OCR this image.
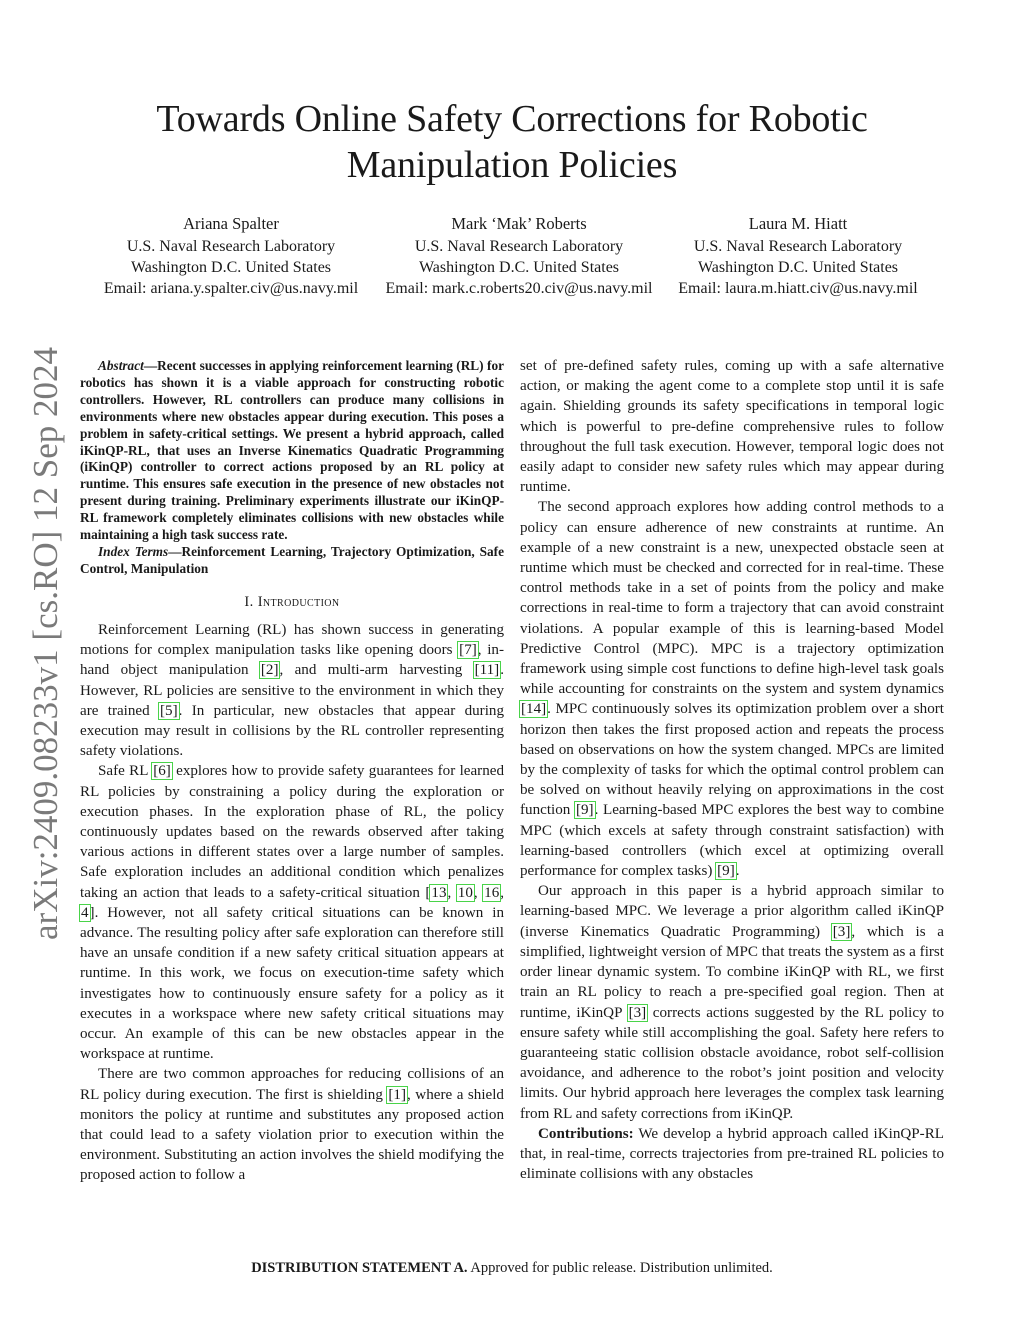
Towards Online Safety Corrections for Robotic Manipulation Policies
Ariana Spalter
U.S. Naval Research Laboratory
Washington D.C. United States
Email: ariana.y.spalter.civ@us.navy.mil
Mark ‘Mak’ Roberts
U.S. Naval Research Laboratory
Washington D.C. United States
Email: mark.c.roberts20.civ@us.navy.mil
Laura M. Hiatt
U.S. Naval Research Laboratory
Washington D.C. United States
Email: laura.m.hiatt.civ@us.navy.mil
arXiv:2409.08233v1 [cs.RO] 12 Sep 2024	Abstract—Recent successes in applying reinforcement learning (RL) for robotics has shown it is a viable approach for constructing robotic controllers. However, RL controllers can produce many collisions in environments where new obstacles appear during execution. This poses a problem in safety-critical settings. We present a hybrid approach, called iKinQP-RL, that uses an Inverse Kinematics Quadratic Programming (iKinQP) controller to correct actions proposed by an RL policy at runtime. This ensures safe execution in the presence of new obstacles not present during training. Preliminary experiments illustrate our iKinQP-RL framework completely eliminates collisions with new obstacles while maintaining a high task success rate.

Index Terms—Reinforcement Learning, Trajectory Optimization, Safe Control, Manipulation

I. Introduction

Reinforcement Learning (RL) has shown success in generating motions for complex manipulation tasks like opening doors [7], in-hand object manipulation [2], and multi-arm harvesting [11]. However, RL policies are sensitive to the environment in which they are trained [5]. In particular, new obstacles that appear during execution may result in collisions by the RL controller representing safety violations.

Safe RL [6] explores how to provide safety guarantees for learned RL policies by constraining a policy during the exploration or execution phases. In the exploration phase of RL, the policy continuously updates based on the rewards observed after taking various actions in different states over a large number of samples. Safe exploration includes an additional condition which penalizes taking an action that leads to a safety-critical situation [13, 10, 16, 4]. However, not all safety critical situations can be known in advance. The resulting policy after safe exploration can therefore still have an unsafe condition if a new safety critical situation appears at runtime. In this work, we focus on execution-time safety which investigates how to continuously ensure safety for a policy as it executes in a workspace where new safety critical situations may occur. An example of this can be new obstacles appear in the workspace at runtime.

There are two common approaches for reducing collisions of an RL policy during execution. The first is shielding [1], where a shield monitors the policy at runtime and substitutes any proposed action that could lead to a safety violation prior to execution within the environment. Substituting an action involves the shield modifying the proposed action to follow a

set of pre-defined safety rules, coming up with a safe alternative action, or making the agent come to a complete stop until it is safe again. Shielding grounds its safety specifications in temporal logic which is powerful to pre-define comprehensive rules to follow throughout the full task execution. However, temporal logic does not easily adapt to consider new safety rules which may appear during runtime.

The second approach explores how adding control methods to a policy can ensure adherence of new constraints at runtime. An example of a new constraint is a new, unexpected obstacle seen at runtime which must be checked and corrected for in real-time. These control methods take in a set of points from the policy and make corrections in real-time to form a trajectory that can avoid constraint violations. A popular example of this is learning-based Model Predictive Control (MPC). MPC is a trajectory optimization framework using simple cost functions to define high-level task goals while accounting for constraints on the system and system dynamics [14]. MPC continuously solves its optimization problem over a short horizon then takes the first proposed action and repeats the process based on observations on how the system changed. MPCs are limited by the complexity of tasks for which the optimal control problem can be solved on without heavily relying on approximations in the cost function [9]. Learning-based MPC explores the best way to combine MPC (which excels at safety through constraint satisfaction) with learning-based controllers (which excel at optimizing overall performance for complex tasks) [9].

Our approach in this paper is a hybrid approach similar to learning-based MPC. We leverage a prior algorithm called iKinQP (inverse Kinematics Quadratic Programming) [3], which is a simplified, lightweight version of MPC that treats the system as a first order linear dynamic system. To combine iKinQP with RL, we first train an RL policy to reach a pre-specified goal region. Then at runtime, iKinQP [3] corrects actions suggested by the RL policy to ensure safety while still accomplishing the goal. Safety here refers to guaranteeing static collision obstacle avoidance, robot self-collision avoidance, and adherence to the robot’s joint position and velocity limits. Our hybrid approach here leverages the complex task learning from RL and safety corrections from iKinQP.

Contributions: We develop a hybrid approach called iKinQP-RL that, in real-time, corrects trajectories from pre-trained RL policies to eliminate collisions with any obstacles

DISTRIBUTION STATEMENT A. Approved for public release. Distribution unlimited.
